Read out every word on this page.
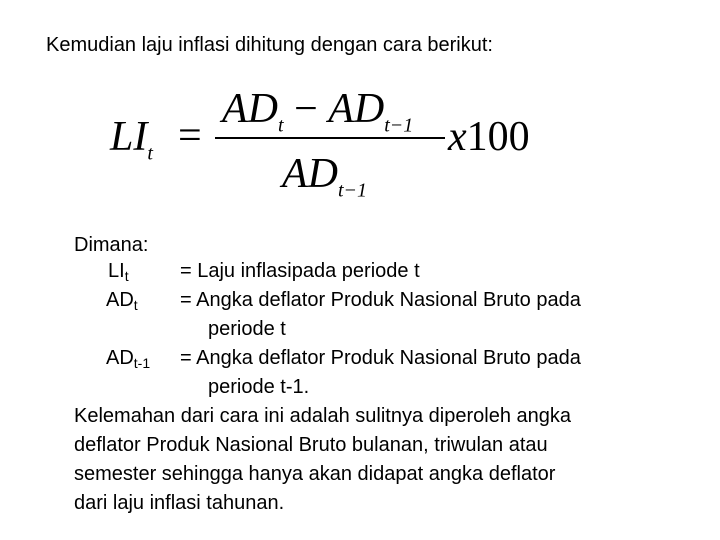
Kemudian laju inflasi dihitung dengan cara berikut:
$LI_t$ =
$AD_t - AD_{t-1}$
$AD_{t-1}$
x100
Dimana:
$LI_t$	= Laju inflasipada periode t
$AD_t$ = Angka deflator Produk Nasional Bruto pada
periode t
$AD_{t-1}$ = Angka deflator Produk Nasional Bruto pada
periode t-1.
Kelemahan dari cara ini adalah sulitnya diperoleh angka
deflator Produk Nasional Bruto bulanan, triwulan atau
semester sehingga hanya akan didapat angka deflator
dari laju inflasi tahunan.
